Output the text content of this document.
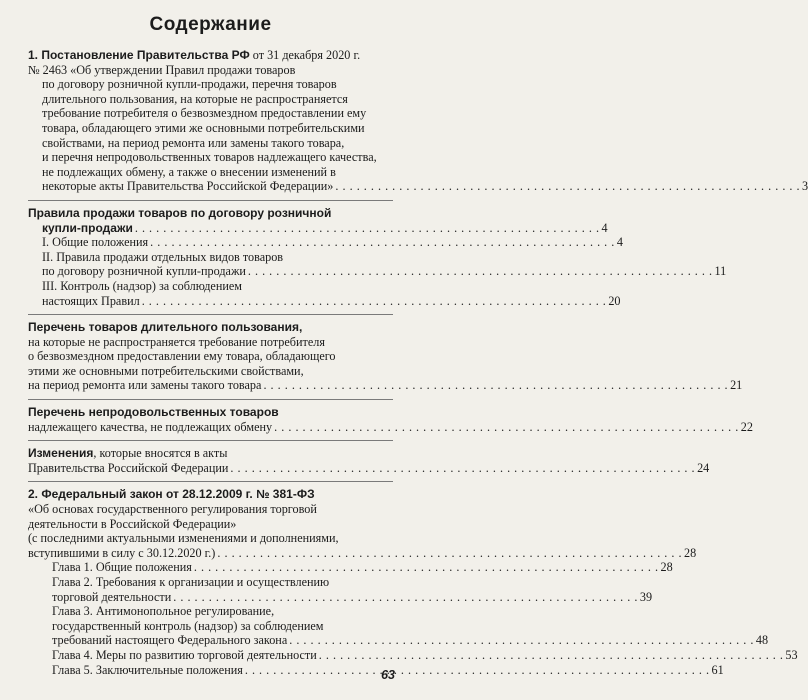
Содержание
1. Постановление Правительства РФ от 31 декабря 2020 г.
№ 2463 «Об утверждении Правил продажи товаров
по договору розничной купли-продажи, перечня товаров
длительного пользования, на которые не распространяется
требование потребителя о безвозмездном предоставлении ему
товара, обладающего этими же основными потребительскими
свойствами, на период ремонта или замены такого товара,
и перечня непродовольственных товаров надлежащего качества,
не подлежащих обмену, а также о внесении изменений в
некоторые акты Правительства Российской Федерации» . . .	3
Правила продажи товаров по договору розничной
купли-продажи . . .	4
I. Общие положения . . .	4
II. Правила продажи отдельных видов товаров
по договору розничной купли-продажи . . .	11
III. Контроль (надзор) за соблюдением
настоящих Правил . . .	20
Перечень товаров длительного пользования,
на которые не распространяется требование потребителя
о безвозмездном предоставлении ему товара, обладающего
этими же основными потребительскими свойствами,
на период ремонта или замены такого товара . . .	21
Перечень непродовольственных товаров
надлежащего качества, не подлежащих обмену . . .	22
Изменения, которые вносятся в акты
Правительства Российской Федерации . . .	24
2. Федеральный закон от 28.12.2009 г. № 381-ФЗ
«Об основах государственного регулирования торговой
деятельности в Российской Федерации»
(с последними актуальными изменениями и дополнениями,
вступившими в силу с 30.12.2020 г.) . . .	28
Глава 1. Общие положения . . .	28
Глава 2. Требования к организации и осуществлению
торговой деятельности . . .	39
Глава 3. Антимонопольное регулирование,
государственный контроль (надзор) за соблюдением
требований настоящего Федерального закона . . .	48
Глава 4. Меры по развитию торговой деятельности . . .	53
Глава 5. Заключительные положения . . .	61
63
